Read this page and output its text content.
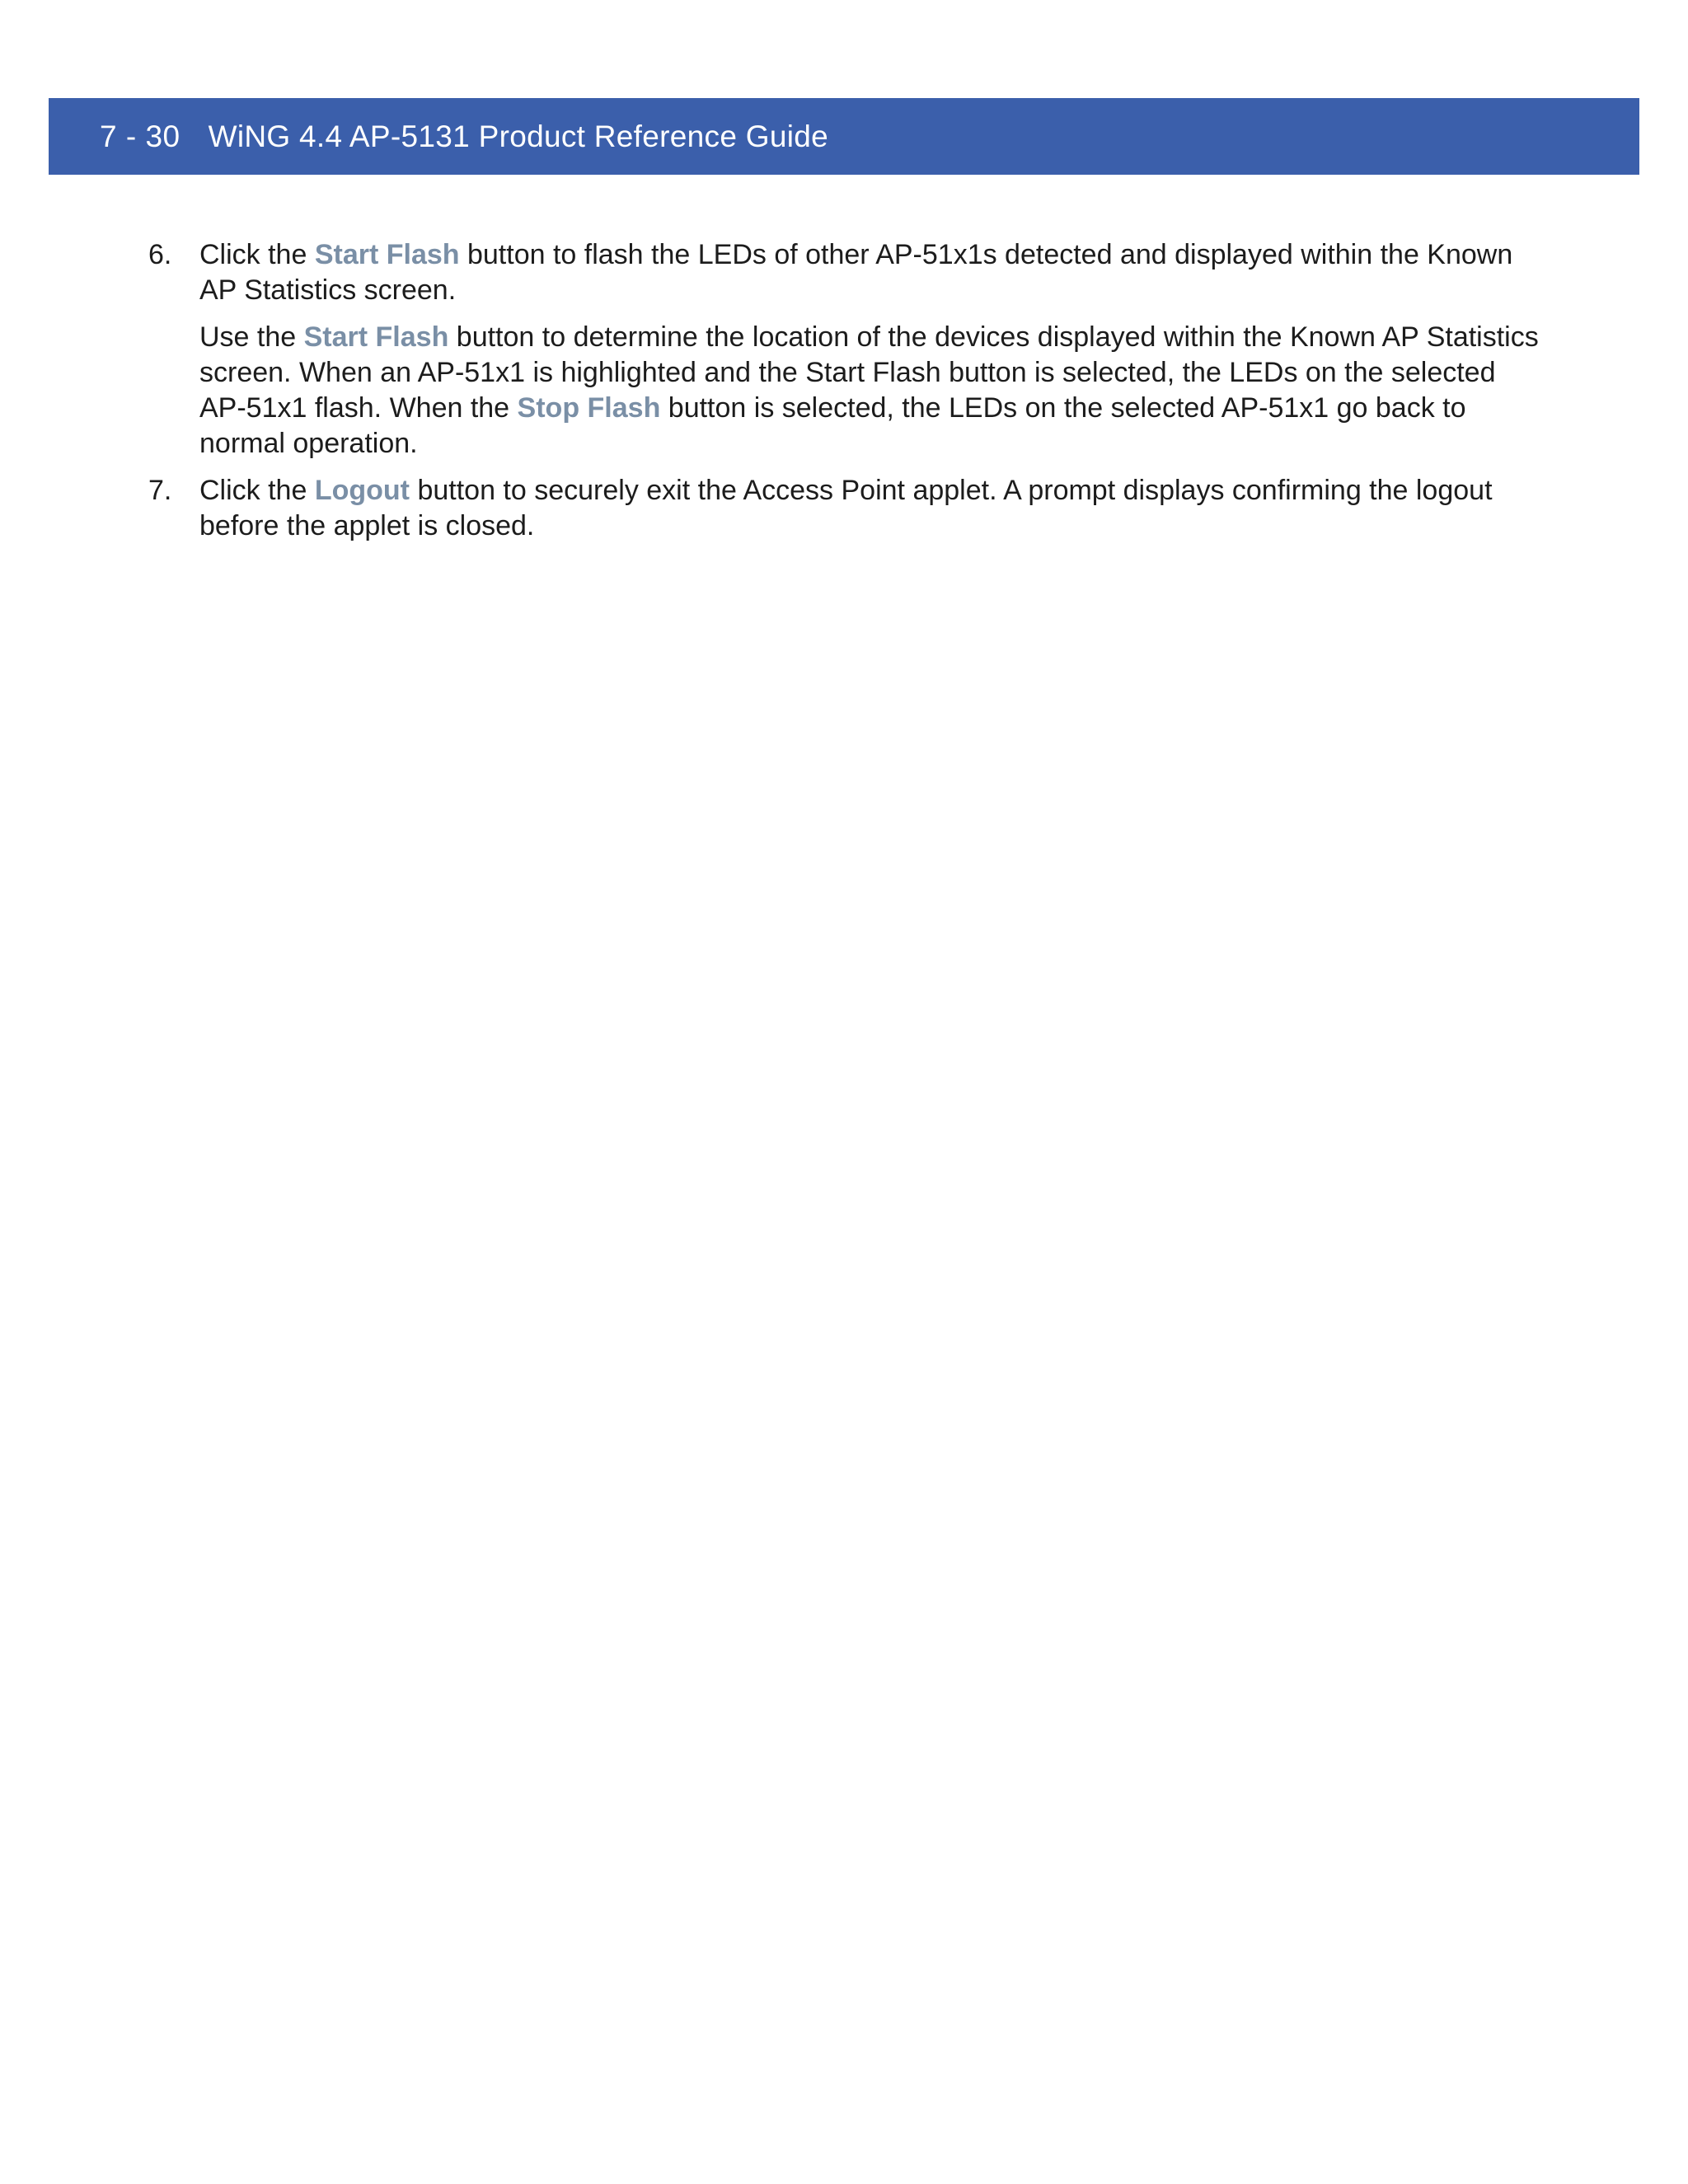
7 - 30 WiNG 4.4 AP-5131 Product Reference Guide
6. Click the Start Flash button to flash the LEDs of other AP-51x1s detected and displayed within the Known AP Statistics screen.

Use the Start Flash button to determine the location of the devices displayed within the Known AP Statistics screen. When an AP-51x1 is highlighted and the Start Flash button is selected, the LEDs on the selected AP-51x1 flash. When the Stop Flash button is selected, the LEDs on the selected AP-51x1 go back to normal operation.

7. Click the Logout button to securely exit the Access Point applet. A prompt displays confirming the logout before the applet is closed.
